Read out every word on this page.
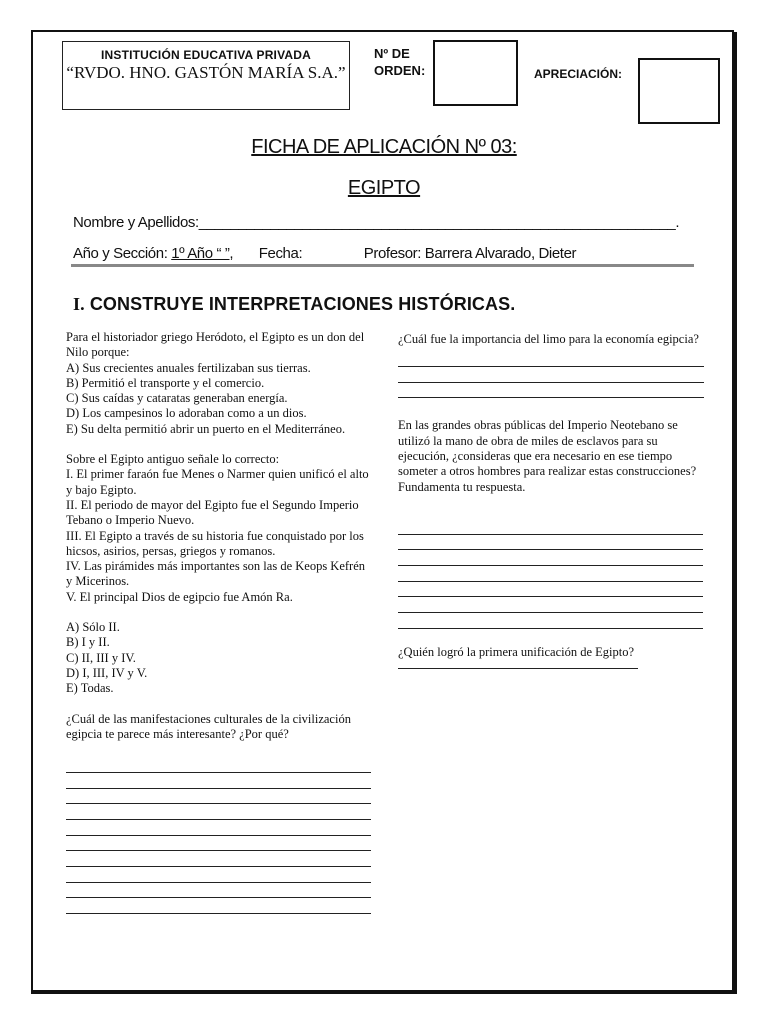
INSTITUCIÓN EDUCATIVA PRIVADA
“RVDO. HNO. GASTÓN MARÍA S.A.”
Nº DE
ORDEN:	APRECIACIÓN:
FICHA DE APLICACIÓN Nº 03:
EGIPTO
Nombre y Apellidos:____________________________________________________________.
Año y Sección: 1º Año “ ”, Fecha:	Profesor: Barrera Alvarado, Dieter
I. CONSTRUYE INTERPRETACIONES HISTÓRICAS.

Para el historiador griego Heródoto, el Egipto es un don del Nilo porque:

A) Sus crecientes anuales fertilizaban sus tierras.
B) Permitió el transporte y el comercio.
C) Sus caídas y cataratas generaban energía.
D) Los campesinos lo adoraban como a un dios.
E) Su delta permitió abrir un puerto en el Mediterráneo.

Sobre el Egipto antiguo señale lo correcto:

I. El primer faraón fue Menes o Narmer quien unificó el alto y bajo Egipto.
II. El periodo de mayor del Egipto fue el Segundo Imperio Tebano o Imperio Nuevo.
III. El Egipto a través de su historia fue conquistado por los hicsos, asirios, persas, griegos y romanos.
IV. Las pirámides más importantes son las de Keops Kefrén y Micerinos.
V. El principal Dios de egipcio fue Amón Ra.
A) Sólo II.
B) I y II.
C) II, III y IV.
D) I, III, IV y V.
E) Todas.

¿Cuál de las manifestaciones culturales de la civilización egipcia te parece más interesante? ¿Por qué?

¿Cuál fue la importancia del limo para la economía egipcia?

En las grandes obras públicas del Imperio Neotebano se utilizó la mano de obra de miles de esclavos para su ejecución, ¿consideras que era necesario en ese tiempo someter a otros hombres para realizar estas construcciones? Fundamenta tu respuesta.

¿Quién logró la primera unificación de Egipto?
